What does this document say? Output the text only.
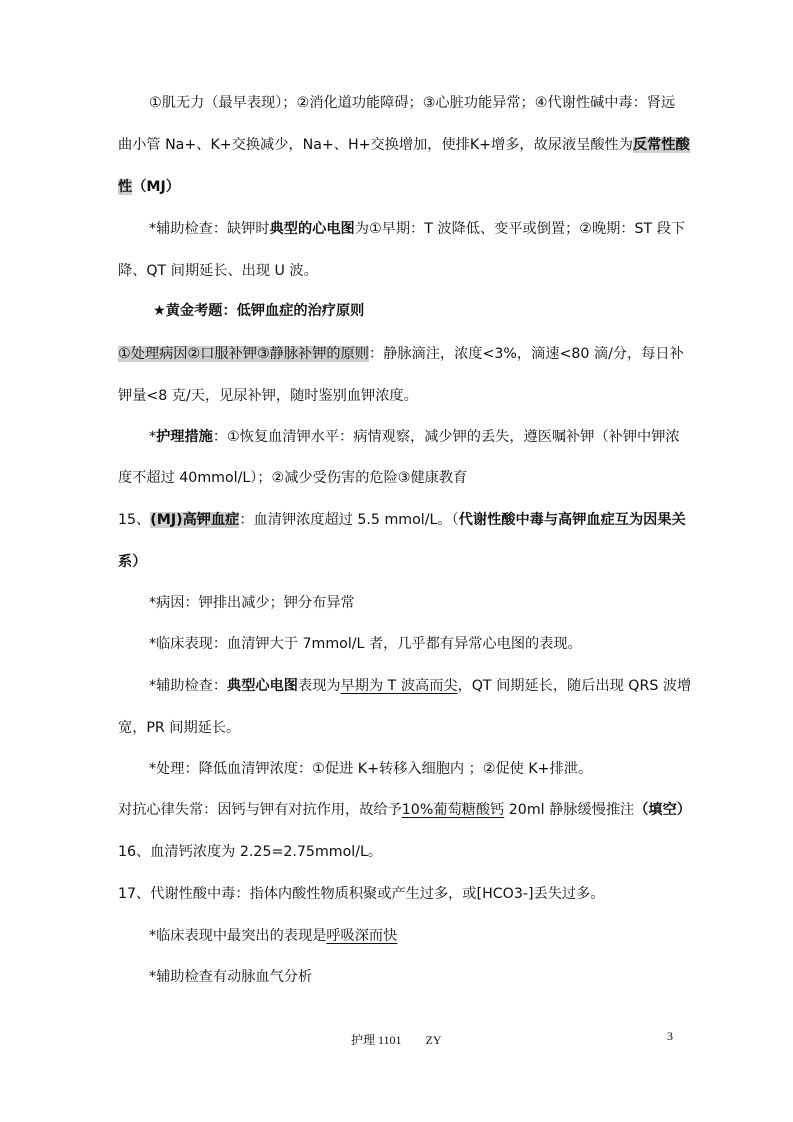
①肌无力（最早表现）；②消化道功能障碍；③心脏功能异常；④代谢性碱中毒：肾远
曲小管 Na+、K+交换减少，Na+、H+交换增加，使排K+增多，故尿液呈酸性为反常性酸
性（MJ）
*辅助检查：缺钾时典型的心电图为①早期：T 波降低、变平或倒置；②晚期：ST 段下
降、QT 间期延长、出现 U 波。
★黄金考题：低钾血症的治疗原则
①处理病因②口服补钾③静脉补钾的原则：静脉滴注，浓度<3%，滴速<80 滴/分，每日补
钾量<8 克/天，见尿补钾，随时鉴别血钾浓度。
*护理措施：①恢复血清钾水平：病情观察，减少钾的丢失，遵医嘱补钾（补钾中钾浓
度不超过 40mmol/L）；②减少受伤害的危险③健康教育
15、(MJ)高钾血症：血清钾浓度超过 5.5 mmol/L。（代谢性酸中毒与高钾血症互为因果关
系）
*病因：钾排出减少；钾分布异常
*临床表现：血清钾大于 7mmol/L 者，几乎都有异常心电图的表现。
*辅助检查：典型心电图表现为早期为 T 波高而尖，QT 间期延长，随后出现 QRS 波增
宽，PR 间期延长。
*处理：降低血清钾浓度：①促进 K+转移入细胞内 ；②促使 K+排泄。
对抗心律失常：因钙与钾有对抗作用，故给予10%葡萄糖酸钙 20ml 静脉缓慢推注（填空）
16、血清钙浓度为 2.25=2.75mmol/L。
17、代谢性酸中毒：指体内酸性物质积聚或产生过多，或[HCO3-]丢失过多。
*临床表现中最突出的表现是呼吸深而快
*辅助检查有动脉血气分析
护理 1101　　ZY	3
